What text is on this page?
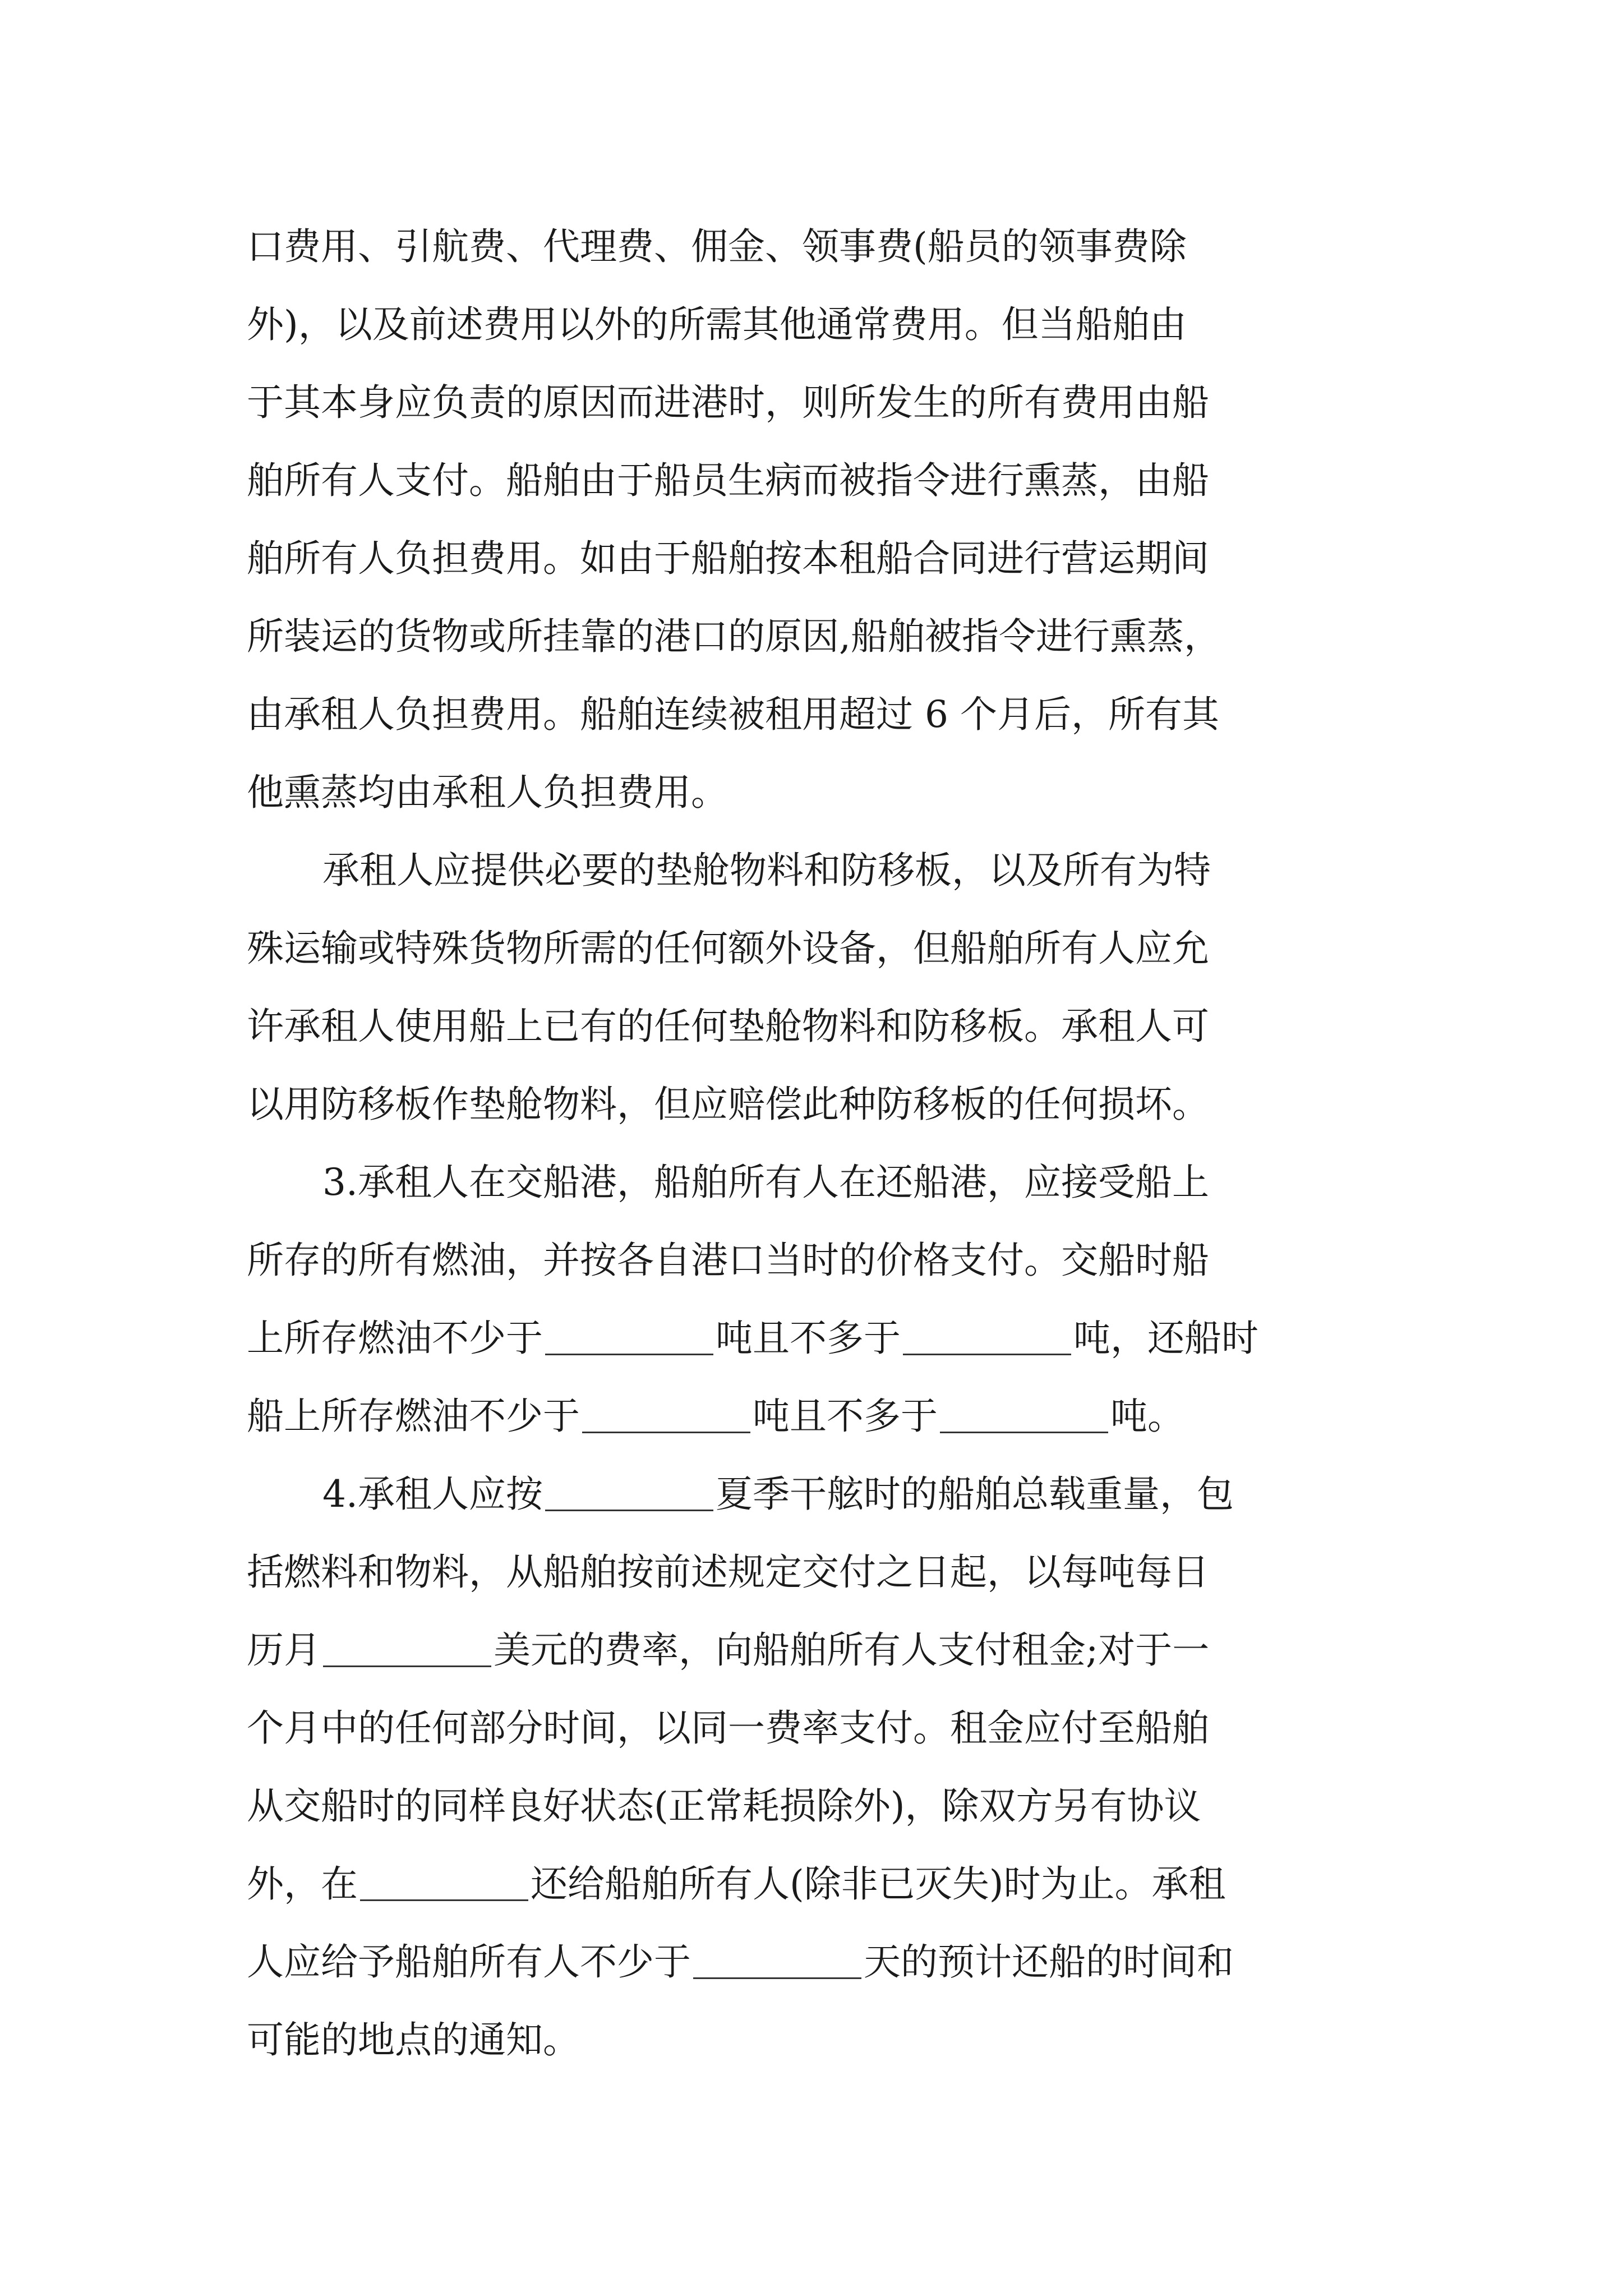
口费用、引航费、代理费、佣金、领事费(船员的领事费除
外)，以及前述费用以外的所需其他通常费用。但当船舶由
于其本身应负责的原因而进港时，则所发生的所有费用由船
舶所有人支付。船舶由于船员生病而被指令进行熏蒸，由船
舶所有人负担费用。如由于船舶按本租船合同进行营运期间
所装运的货物或所挂靠的港口的原因,船舶被指令进行熏蒸，
由承租人负担费用。船舶连续被租用超过 6 个月后，所有其
他熏蒸均由承租人负担费用。
承租人应提供必要的垫舱物料和防移板，以及所有为特
殊运输或特殊货物所需的任何额外设备，但船舶所有人应允
许承租人使用船上已有的任何垫舱物料和防移板。承租人可
以用防移板作垫舱物料，但应赔偿此种防移板的任何损坏。
3.承租人在交船港，船舶所有人在还船港，应接受船上
所存的所有燃油，并按各自港口当时的价格支付。交船时船
上所存燃油不少于	吨且不多于	吨，还船时
船上所存燃油不少于	吨且不多于	吨。
4.承租人应按	夏季干舷时的船舶总载重量，包
括燃料和物料，从船舶按前述规定交付之日起，以每吨每日
历月	美元的费率，向船舶所有人支付租金;对于一
个月中的任何部分时间，以同一费率支付。租金应付至船舶
从交船时的同样良好状态(正常耗损除外)，除双方另有协议
外，在	还给船舶所有人(除非已灭失)时为止。承租
人应给予船舶所有人不少于	天的预计还船的时间和
可能的地点的通知。
